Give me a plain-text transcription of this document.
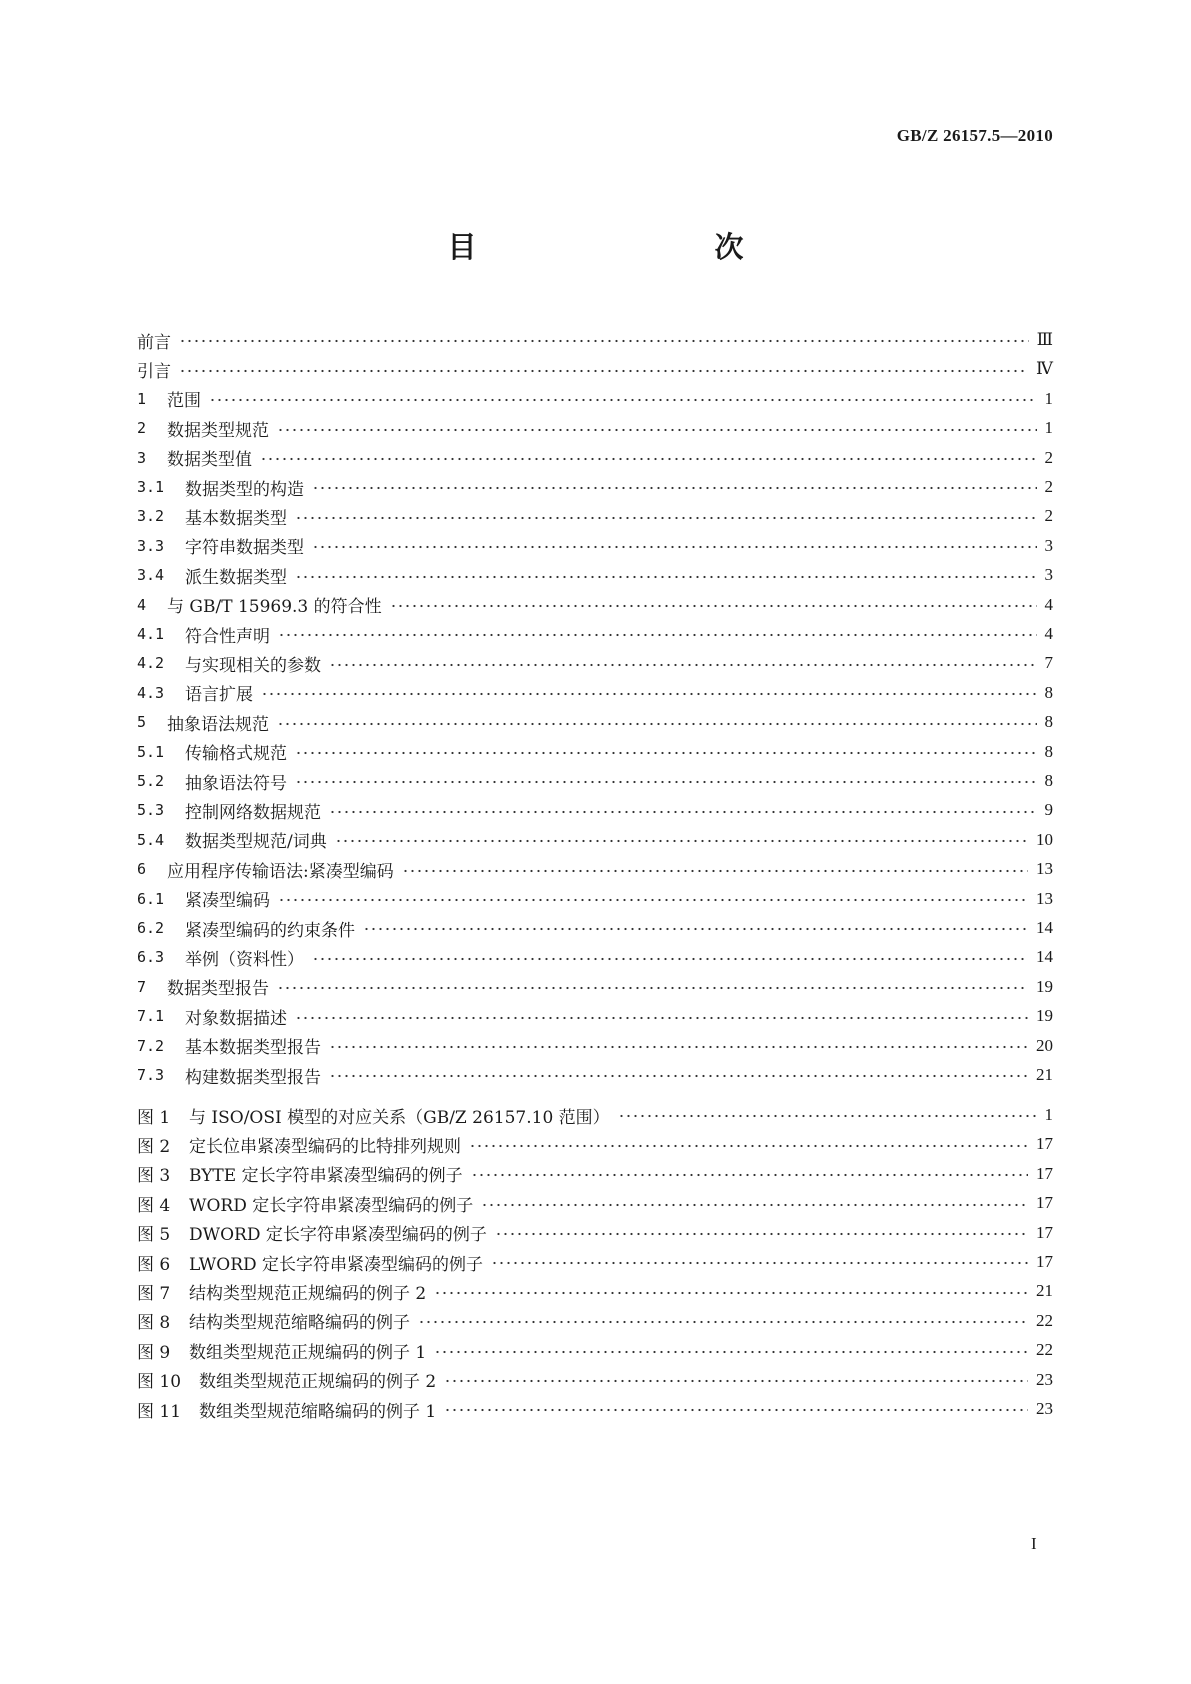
GB/Z 26157.5—2010
目　　次
前言	Ⅲ
引言	Ⅳ
1	范围	1
2	数据类型规范	1
3	数据类型值	2
3.1	数据类型的构造	2
3.2	基本数据类型	2
3.3	字符串数据类型	3
3.4	派生数据类型	3
4	与 GB/T 15969.3 的符合性	4
4.1	符合性声明	4
4.2	与实现相关的参数	7
4.3	语言扩展	8
5	抽象语法规范	8
5.1	传输格式规范	8
5.2	抽象语法符号	8
5.3	控制网络数据规范	9
5.4	数据类型规范/词典	10
6	应用程序传输语法:紧凑型编码	13
6.1	紧凑型编码	13
6.2	紧凑型编码的约束条件	14
6.3	举例（资料性）	14
7	数据类型报告	19
7.1	对象数据描述	19
7.2	基本数据类型报告	20
7.3	构建数据类型报告	21
图 1	与 ISO/OSI 模型的对应关系（GB/Z 26157.10 范围）	1
图 2	定长位串紧凑型编码的比特排列规则	17
图 3	BYTE 定长字符串紧凑型编码的例子	17
图 4	WORD 定长字符串紧凑型编码的例子	17
图 5	DWORD 定长字符串紧凑型编码的例子	17
图 6	LWORD 定长字符串紧凑型编码的例子	17
图 7	结构类型规范正规编码的例子 2	21
图 8	结构类型规范缩略编码的例子	22
图 9	数组类型规范正规编码的例子 1	22
图 10	数组类型规范正规编码的例子 2	23
图 11	数组类型规范缩略编码的例子 1	23
I
